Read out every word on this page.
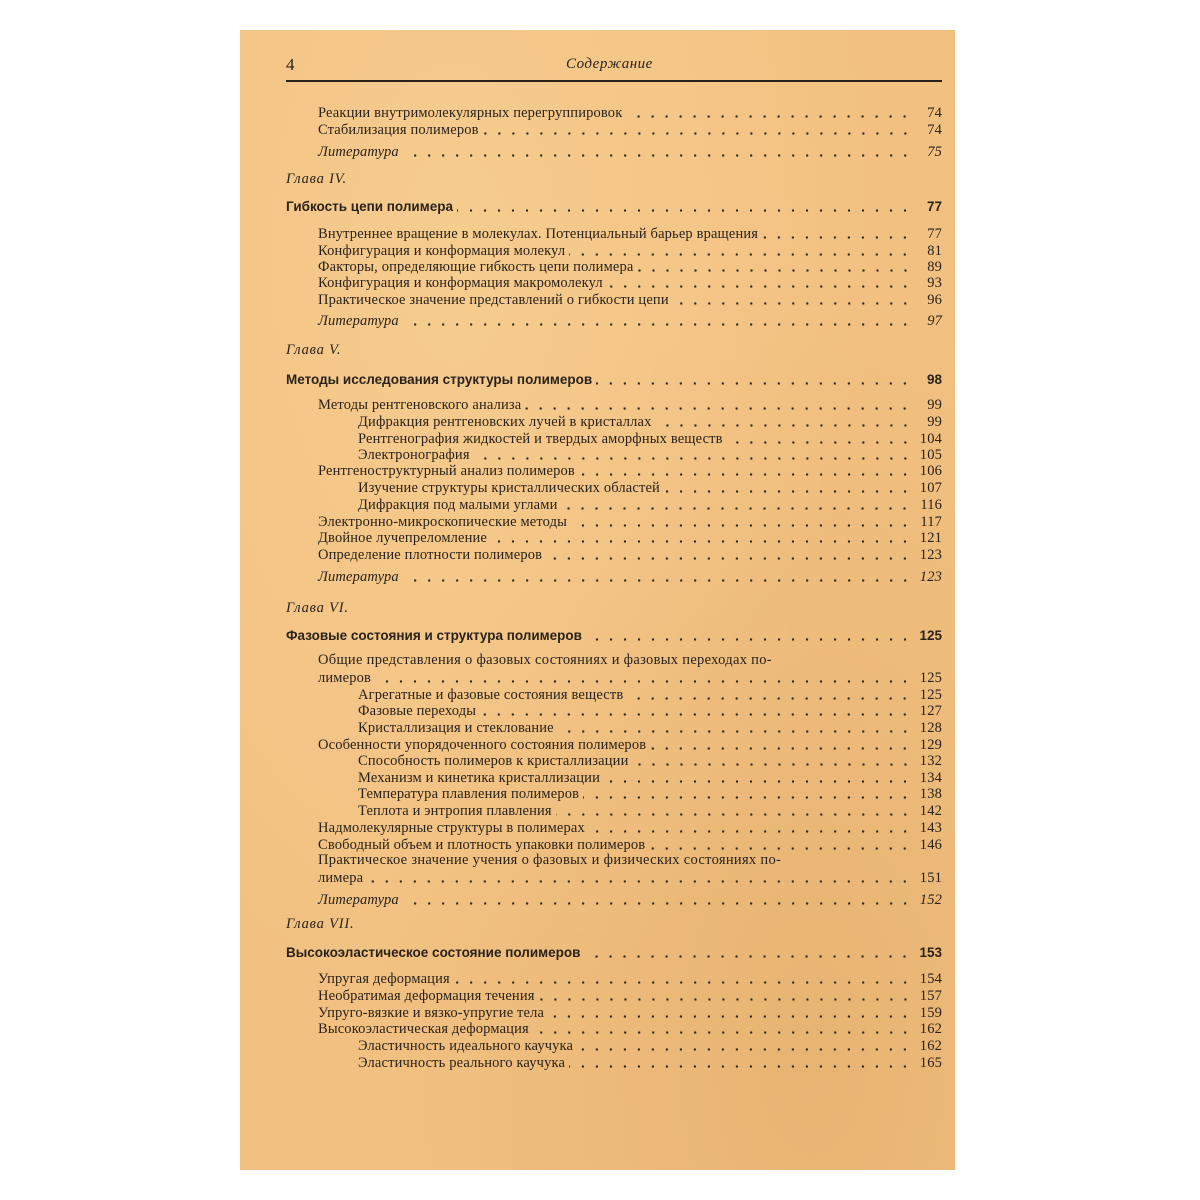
4	Содержание
Реакции внутримолекулярных перегруппировок	74
Стабилизация полимеров	74
Литература	75
Глава IV.
Гибкость цепи полимера	77
Внутреннее вращение в молекулах. Потенциальный барьер вращения	77
Конфигурация и конформация молекул	81
Факторы, определяющие гибкость цепи полимера	89
Конфигурация и конформация макромолекул	93
Практическое значение представлений о гибкости цепи	96
Литература	97
Глава V.
Методы исследования структуры полимеров	98
Методы рентгеновского анализа	99
Дифракция рентгеновских лучей в кристаллах	99
Рентгенография жидкостей и твердых аморфных веществ	104
Электронография	105
Рентгеноструктурный анализ полимеров	106
Изучение структуры кристаллических областей	107
Дифракция под малыми углами	116
Электронно-микроскопические методы	117
Двойное лучепреломление	121
Определение плотности полимеров	123
Литература	123
Глава VI.
Фазовые состояния и структура полимеров	125
Общие представления о фазовых состояниях и фазовых переходах по-
лимеров	125
Агрегатные и фазовые состояния веществ	125
Фазовые переходы	127
Кристаллизация и стеклование	128
Особенности упорядоченного состояния полимеров	129
Способность полимеров к кристаллизации	132
Механизм и кинетика кристаллизации	134
Температура плавления полимеров	138
Теплота и энтропия плавления	142
Надмолекулярные структуры в полимерах	143
Свободный объем и плотность упаковки полимеров	146
Практическое значение учения о фазовых и физических состояниях по-
лимера	151
Литература	152
Глава VII.
Высокоэластическое состояние полимеров	153
Упругая деформация	154
Необратимая деформация течения	157
Упруго-вязкие и вязко-упругие тела	159
Высокоэластическая деформация	162
Эластичность идеального каучука	162
Эластичность реального каучука	165
